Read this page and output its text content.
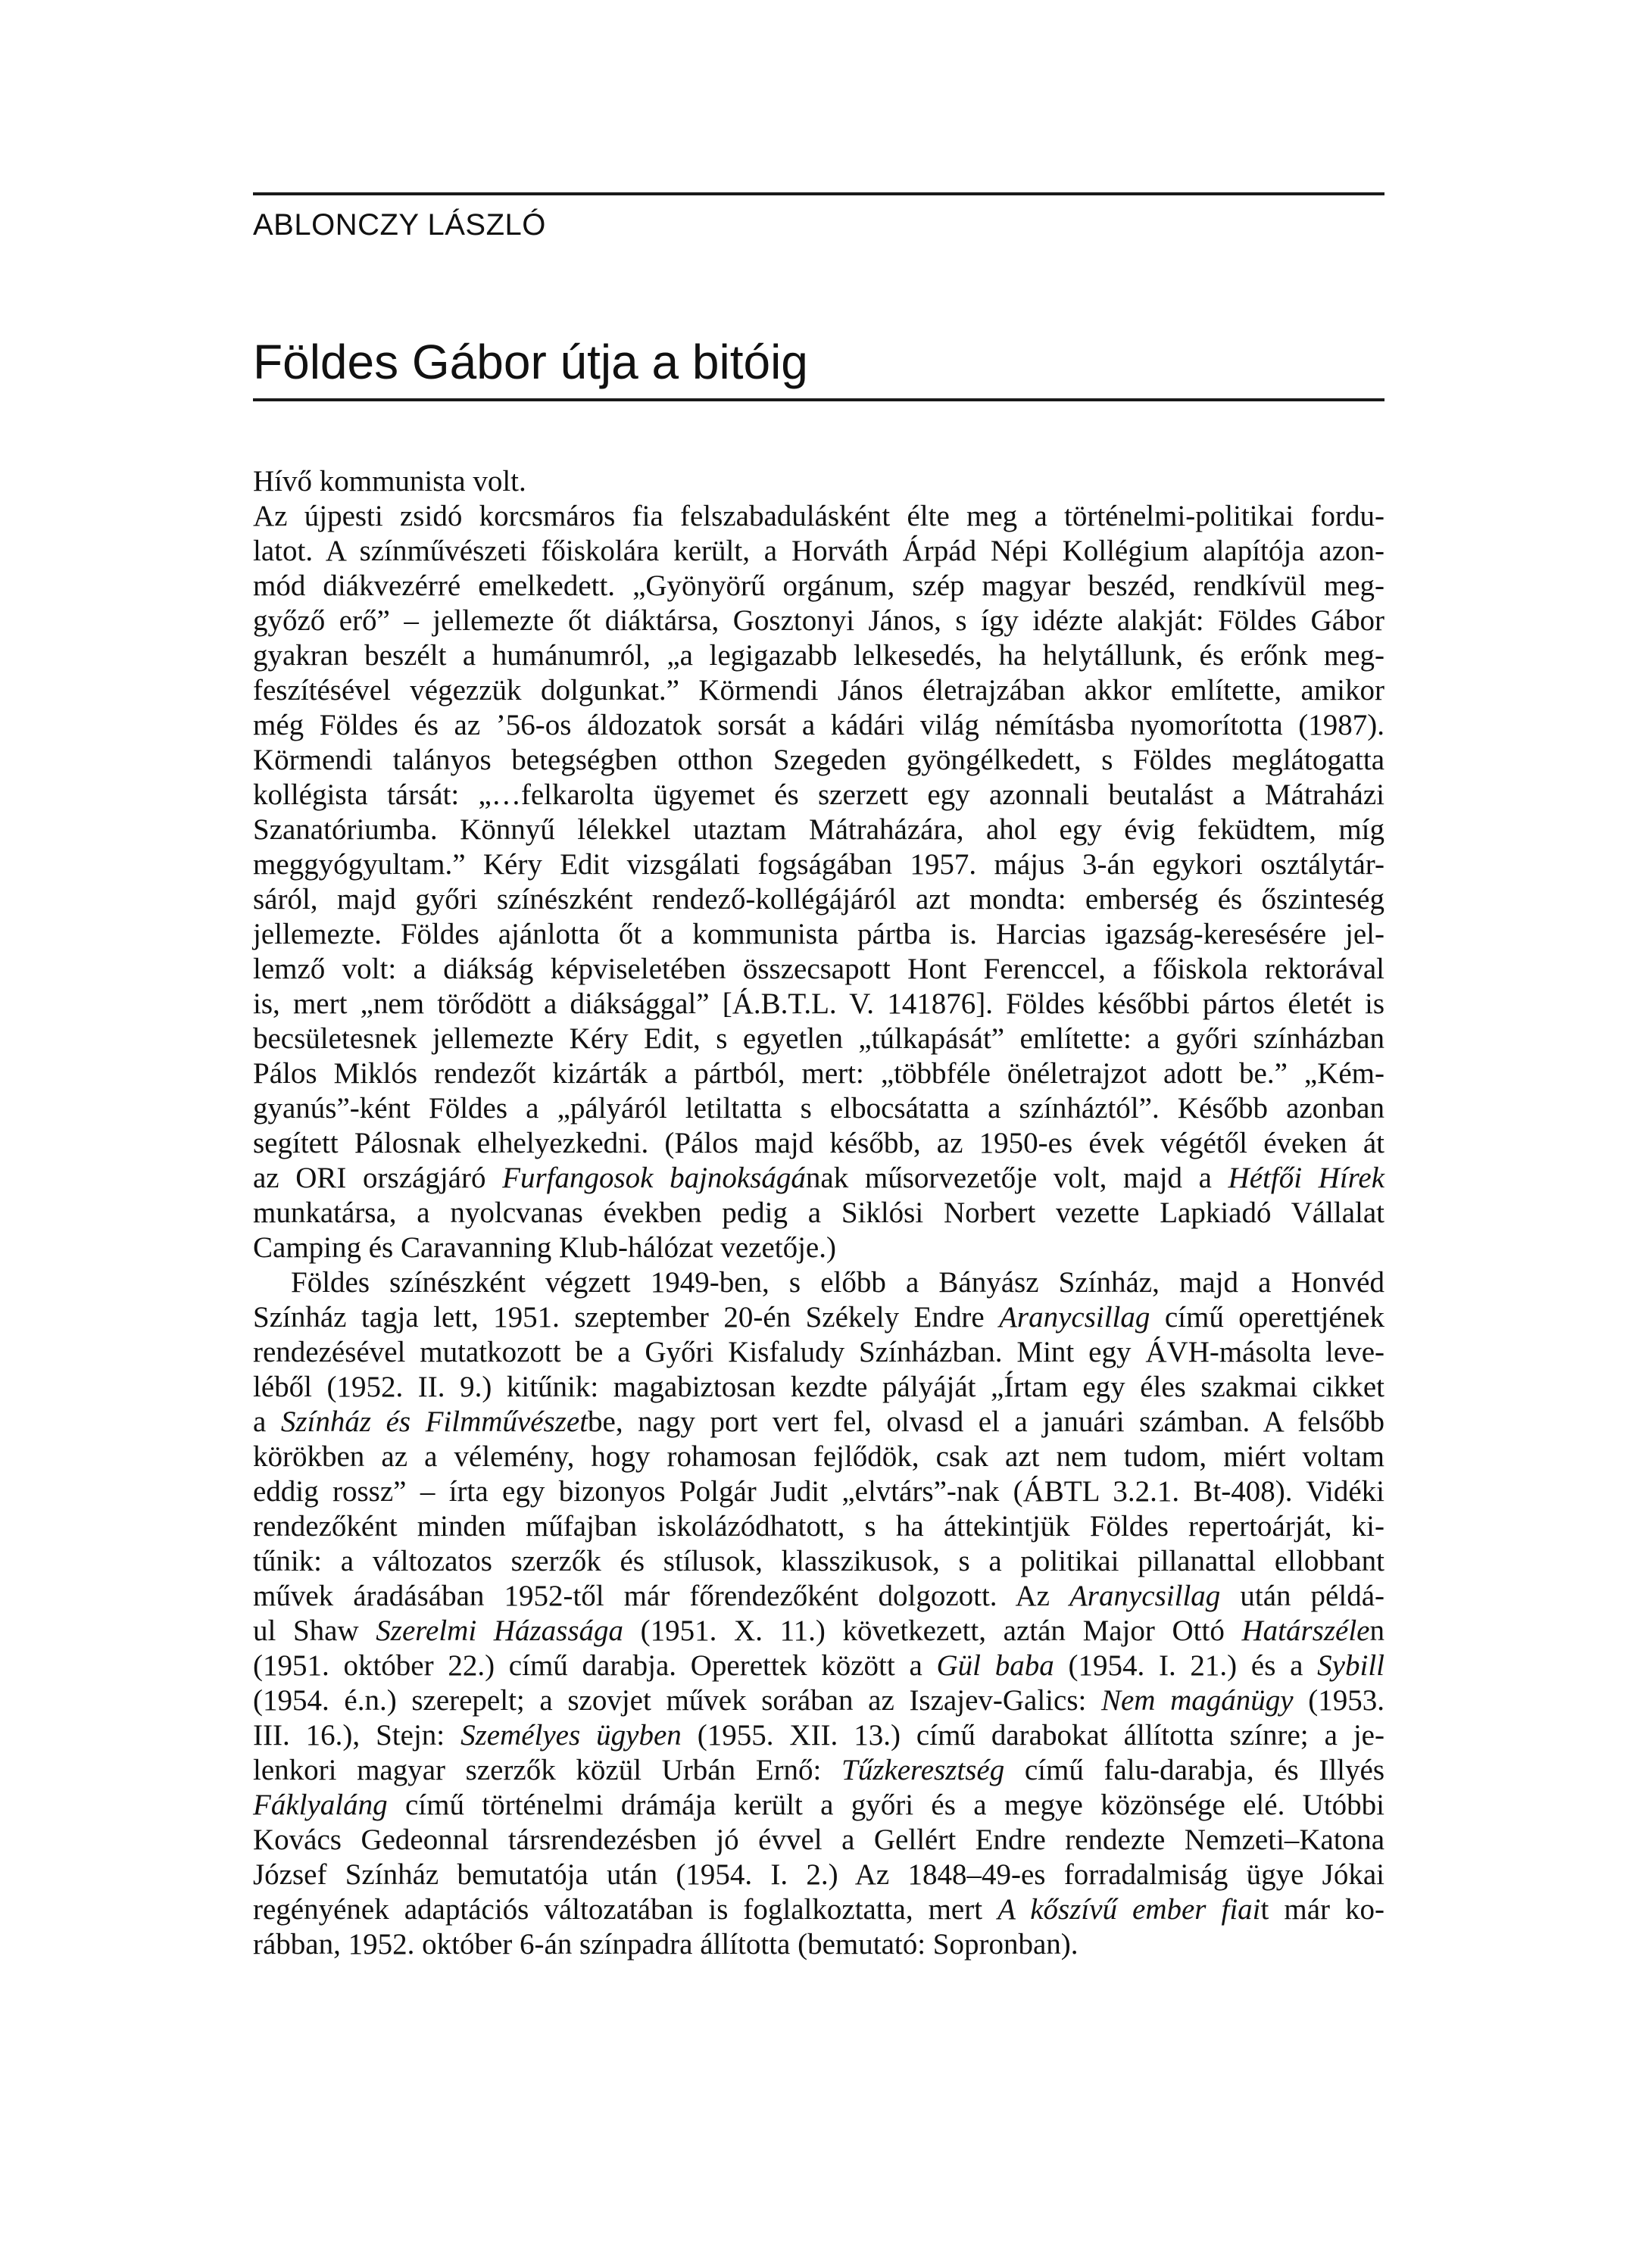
ABLONCZY LÁSZLÓ
Földes Gábor útja a bitóig
Hívő kommunista volt.
Az újpesti zsidó korcsmáros fia felszabadulásként élte meg a történelmi-politikai fordu-
latot. A színművészeti főiskolára került, a Horváth Árpád Népi Kollégium alapítója azon-
mód diákvezérré emelkedett. „Gyönyörű orgánum, szép magyar beszéd, rendkívül meg-
győző erő” – jellemezte őt diáktársa, Gosztonyi János, s így idézte alakját: Földes Gábor
gyakran beszélt a humánumról, „a legigazabb lelkesedés, ha helytállunk, és erőnk meg-
feszítésével végezzük dolgunkat.” Körmendi János életrajzában akkor említette, amikor
még Földes és az ’56-os áldozatok sorsát a kádári világ némításba nyomorította (1987).
Körmendi talányos betegségben otthon Szegeden gyöngélkedett, s Földes meglátogatta
kollégista társát: „…felkarolta ügyemet és szerzett egy azonnali beutalást a Mátraházi
Szanatóriumba. Könnyű lélekkel utaztam Mátraházára, ahol egy évig feküdtem, míg
meggyógyultam.” Kéry Edit vizsgálati fogságában 1957. május 3-án egykori osztálytár-
sáról, majd győri színészként rendező-kollégájáról azt mondta: emberség és őszinteség
jellemezte. Földes ajánlotta őt a kommunista pártba is. Harcias igazság-keresésére jel-
lemző volt: a diákság képviseletében összecsapott Hont Ferenccel, a főiskola rektorával
is, mert „nem törődött a diáksággal” [Á.B.T.L. V. 141876]. Földes későbbi pártos életét is
becsületesnek jellemezte Kéry Edit, s egyetlen „túlkapását” említette: a győri színházban
Pálos Miklós rendezőt kizárták a pártból, mert: „többféle önéletrajzot adott be.” „Kém-
gyanús”-ként Földes a „pályáról letiltatta s elbocsátatta a színháztól”. Később azonban
segített Pálosnak elhelyezkedni. (Pálos majd később, az 1950-es évek végétől éveken át
az ORI országjáró Furfangosok bajnokságának műsorvezetője volt, majd a Hétfői Hírek
munkatársa, a nyolcvanas években pedig a Siklósi Norbert vezette Lapkiadó Vállalat
Camping és Caravanning Klub-hálózat vezetője.)
Földes színészként végzett 1949-ben, s előbb a Bányász Színház, majd a Honvéd
Színház tagja lett, 1951. szeptember 20-én Székely Endre Aranycsillag című operettjének
rendezésével mutatkozott be a Győri Kisfaludy Színházban. Mint egy ÁVH-másolta leve-
léből (1952. II. 9.) kitűnik: magabiztosan kezdte pályáját „Írtam egy éles szakmai cikket
a Színház és Filmművészetbe, nagy port vert fel, olvasd el a januári számban. A felsőbb
körökben az a vélemény, hogy rohamosan fejlődök, csak azt nem tudom, miért voltam
eddig rossz” – írta egy bizonyos Polgár Judit „elvtárs”-nak (ÁBTL 3.2.1. Bt-408). Vidéki
rendezőként minden műfajban iskolázódhatott, s ha áttekintjük Földes repertoárját, ki-
tűnik: a változatos szerzők és stílusok, klasszikusok, s a politikai pillanattal ellobbant
művek áradásában 1952-től már főrendezőként dolgozott. Az Aranycsillag után példá-
ul Shaw Szerelmi Házassága (1951. X. 11.) következett, aztán Major Ottó Határszélen
(1951. október 22.) című darabja. Operettek között a Gül baba (1954. I. 21.) és a Sybill
(1954. é.n.) szerepelt; a szovjet művek sorában az Iszajev-Galics: Nem magánügy (1953.
III. 16.), Stejn: Személyes ügyben (1955. XII. 13.) című darabokat állította színre; a je-
lenkori magyar szerzők közül Urbán Ernő: Tűzkeresztség című falu-darabja, és Illyés
Fáklyaláng című történelmi drámája került a győri és a megye közönsége elé. Utóbbi
Kovács Gedeonnal társrendezésben jó évvel a Gellért Endre rendezte Nemzeti–Katona
József Színház bemutatója után (1954. I. 2.) Az 1848–49-es forradalmiság ügye Jókai
regényének adaptációs változatában is foglalkoztatta, mert A kőszívű ember fiait már ko-
rábban, 1952. október 6-án színpadra állította (bemutató: Sopronban).
